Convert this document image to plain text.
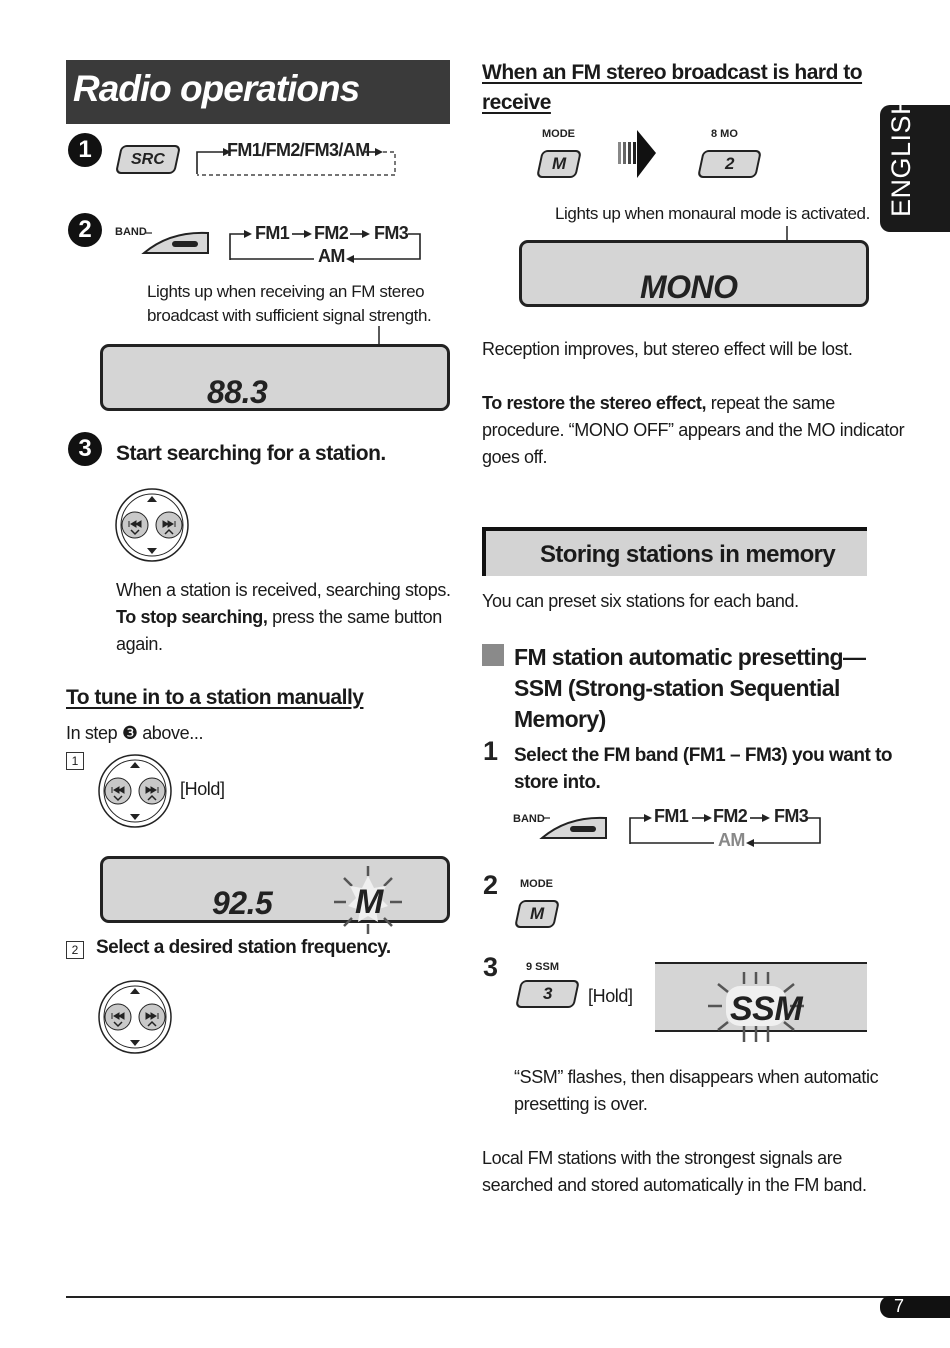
Radio operations
1	SRC	FM1/FM2/FM3/AM
2	BAND	FM1 FM2 FM3
AM
Lights up when receiving an FM stereo
broadcast with sufficient signal strength.
88.3
3	Start searching for a station.
When a station is received, searching stops.
To stop searching, press the same button
again.
To tune in to a station manually
In step ❸ above...
1
[Hold]
92.5 M
2 Select a desired station frequency.
When an FM stereo broadcast is hard to
receive
MODE
M
8 MO
2
Lights up when monaural mode is activated.
MONO
Reception improves, but stereo effect will be lost.
To restore the stereo effect, repeat the same
procedure. “MONO OFF” appears and the MO indicator
goes off.
Storing stations in memory
You can preset six stations for each band.
FM station automatic presetting—
SSM (Strong-station Sequential
Memory)
1 Select the FM band (FM1 – FM3) you want to
store into.
BAND	FM1 FM2 FM3
AM
2 MODE
M
3	9 SSM
3	[Hold]	SSM
“SSM” flashes, then disappears when automatic
presetting is over.
Local FM stations with the strongest signals are
searched and stored automatically in the FM band.
ENGLISH
7
